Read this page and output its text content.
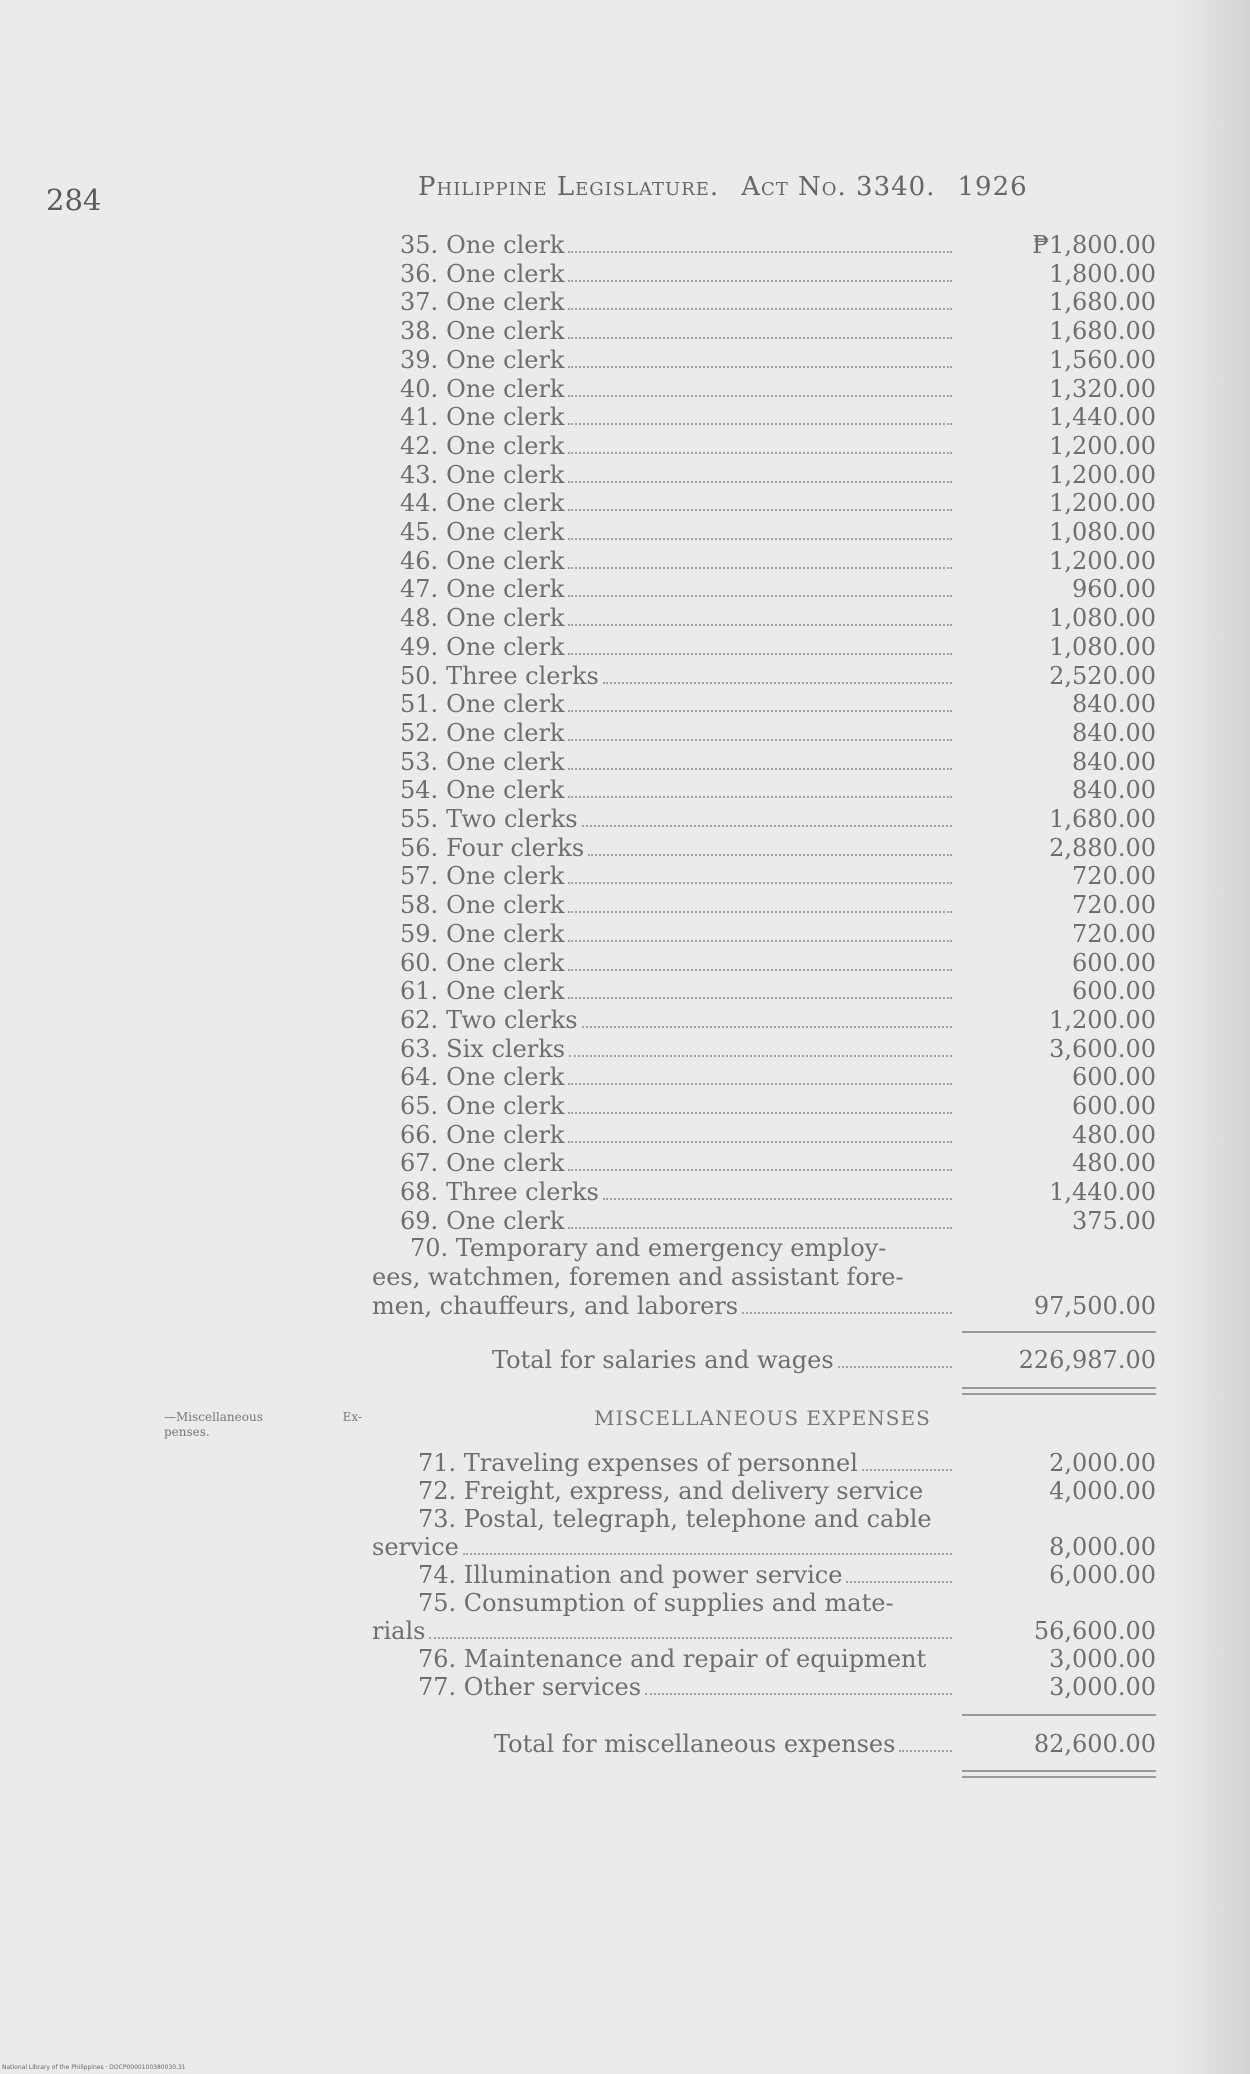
284	Philippine Legislature. Act No. 3340. 1926
35. One clerk	₱1,800.00
36. One clerk	1,800.00
37. One clerk	1,680.00
38. One clerk	1,680.00
39. One clerk	1,560.00
40. One clerk	1,320.00
41. One clerk	1,440.00
42. One clerk	1,200.00
43. One clerk	1,200.00
44. One clerk	1,200.00
45. One clerk	1,080.00
46. One clerk	1,200.00
47. One clerk	960.00
48. One clerk	1,080.00
49. One clerk	1,080.00
50. Three clerks	2,520.00
51. One clerk	840.00
52. One clerk	840.00
53. One clerk	840.00
54. One clerk	840.00
55. Two clerks	1,680.00
56. Four clerks	2,880.00
57. One clerk	720.00
58. One clerk	720.00
59. One clerk	720.00
60. One clerk	600.00
61. One clerk	600.00
62. Two clerks	1,200.00
63. Six clerks	3,600.00
64. One clerk	600.00
65. One clerk	600.00
66. One clerk	480.00
67. One clerk	480.00
68. Three clerks	1,440.00
69. One clerk	375.00
70. Temporary and emergency employ-
ees, watchmen, foremen and assistant fore-
men, chauffeurs, and laborers	97,500.00
Total for salaries and wages	226,987.00
—Miscellaneous	Ex-
penses.
MISCELLANEOUS EXPENSES
71. Traveling expenses of personnel	2,000.00
72. Freight, express, and delivery service	4,000.00
73. Postal, telegraph, telephone and cable
service	8,000.00
74. Illumination and power service	6,000.00
75. Consumption of supplies and mate-
rials	56,600.00
76. Maintenance and repair of equipment	3,000.00
77. Other services	3,000.00
Total for miscellaneous expenses	82,600.00
National Library of the Philippines · DOCP0000100380030.31
